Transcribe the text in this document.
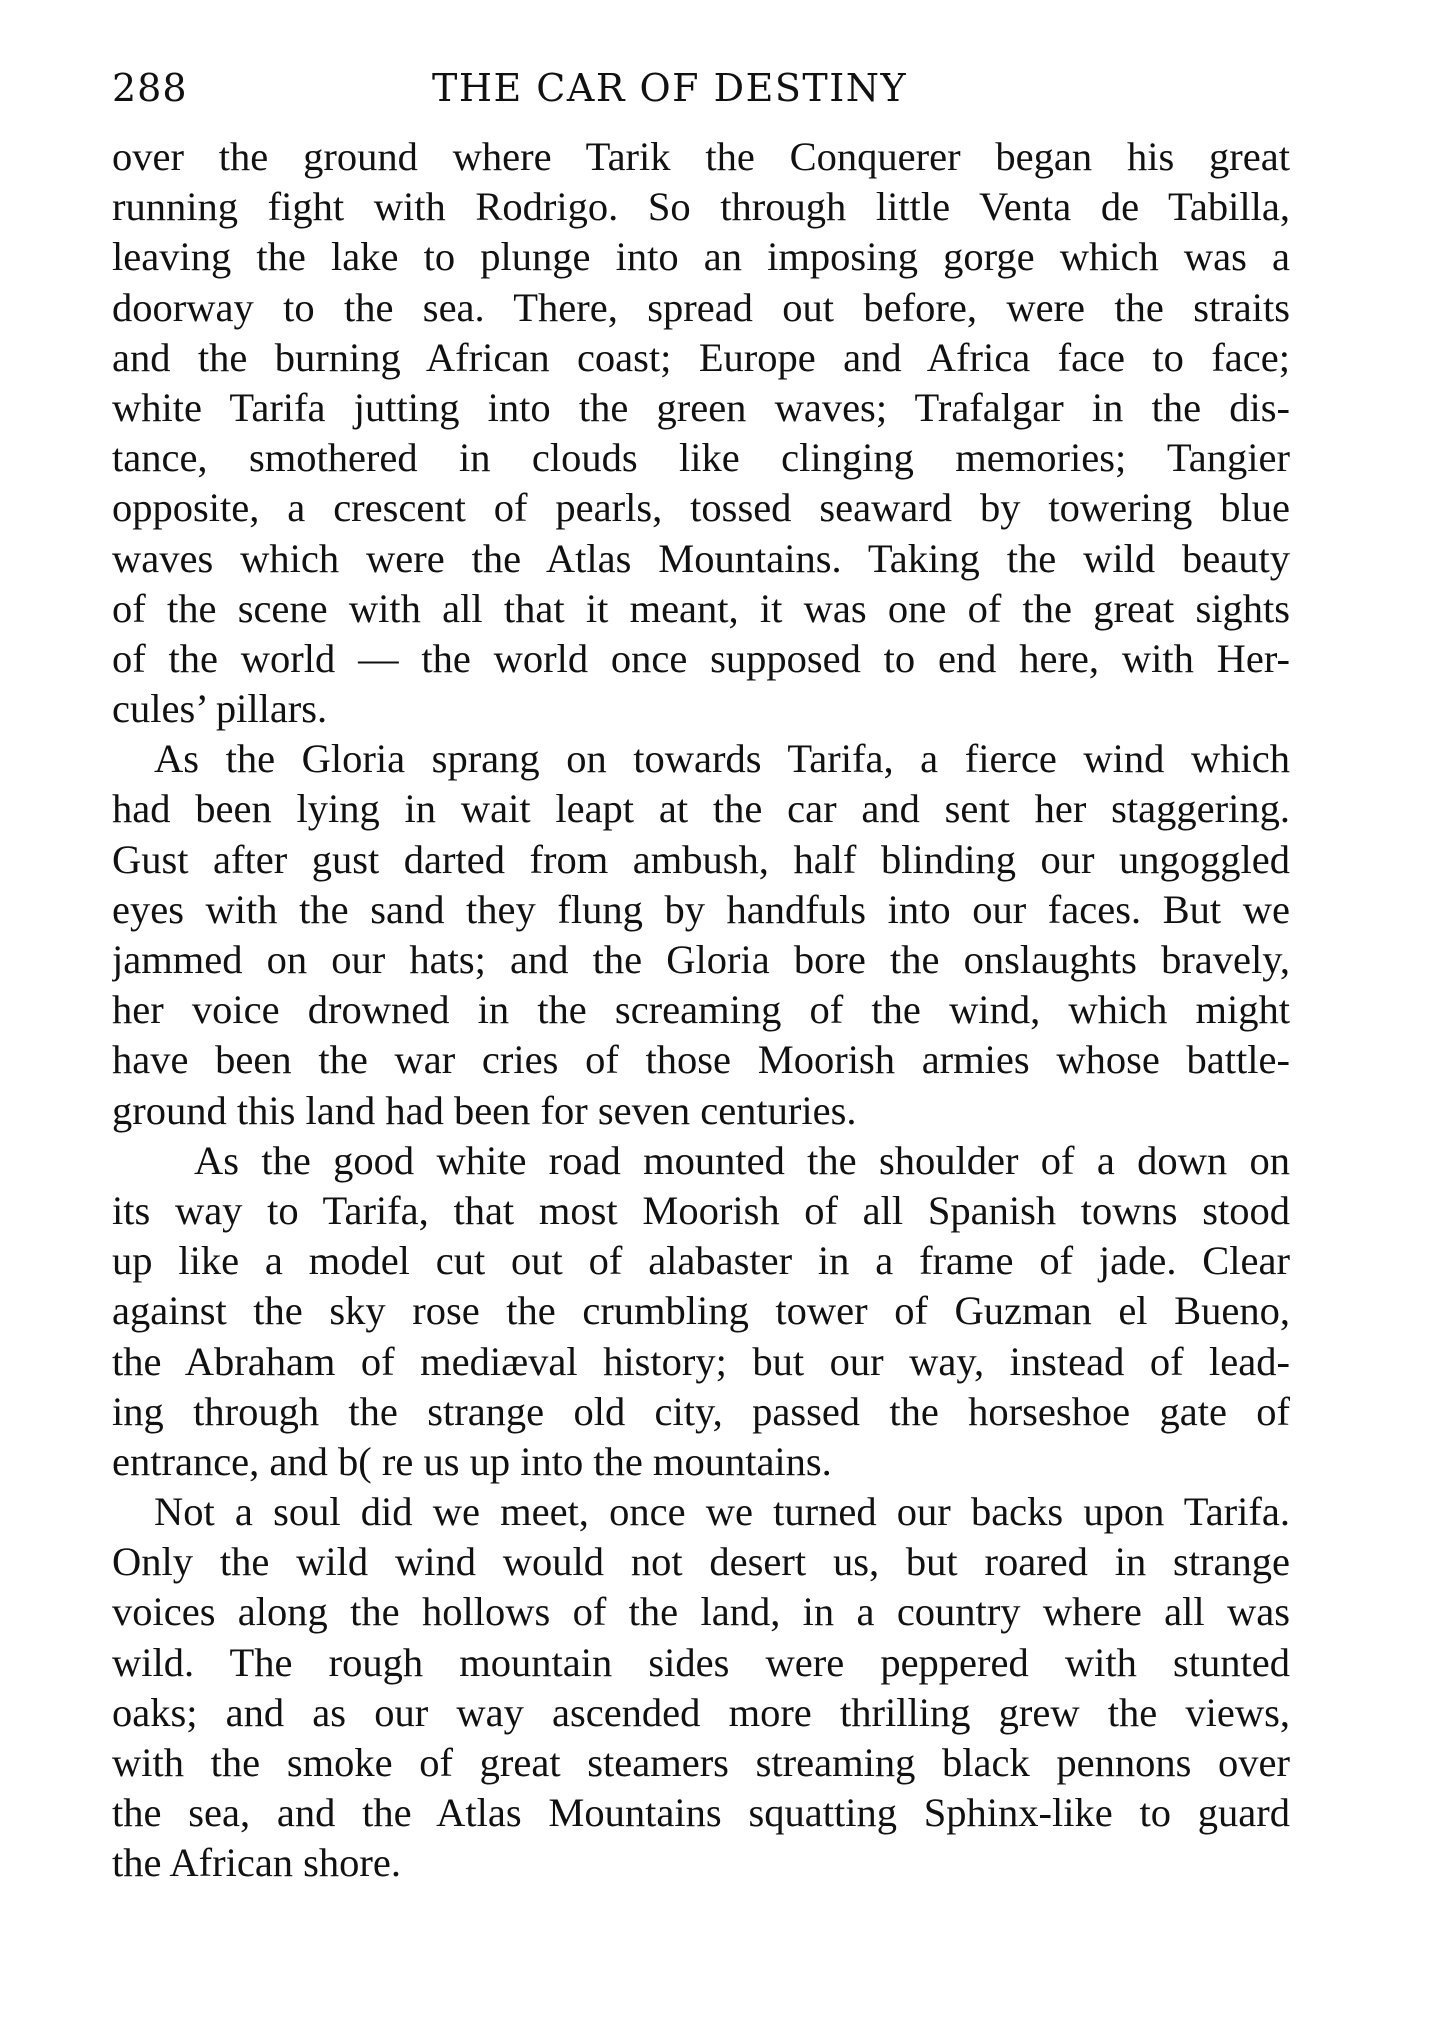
288	THE CAR OF DESTINY
over the ground where Tarik the Conquerer began his great
running fight with Rodrigo. So through little Venta de Tabilla,
leaving the lake to plunge into an imposing gorge which was a
doorway to the sea. There, spread out before, were the straits
and the burning African coast; Europe and Africa face to face;
white Tarifa jutting into the green waves; Trafalgar in the dis-
tance, smothered in clouds like clinging memories; Tangier
opposite, a crescent of pearls, tossed seaward by towering blue
waves which were the Atlas Mountains. Taking the wild beauty
of the scene with all that it meant, it was one of the great sights
of the world — the world once supposed to end here, with Her-
cules’ pillars.
As the Gloria sprang on towards Tarifa, a fierce wind which
had been lying in wait leapt at the car and sent her staggering.
Gust after gust darted from ambush, half blinding our ungoggled
eyes with the sand they flung by handfuls into our faces. But we
jammed on our hats; and the Gloria bore the onslaughts bravely,
her voice drowned in the screaming of the wind, which might
have been the war cries of those Moorish armies whose battle-
ground this land had been for seven centuries.
As the good white road mounted the shoulder of a down on
its way to Tarifa, that most Moorish of all Spanish towns stood
up like a model cut out of alabaster in a frame of jade. Clear
against the sky rose the crumbling tower of Guzman el Bueno,
the Abraham of mediæval history; but our way, instead of lead-
ing through the strange old city, passed the horseshoe gate of
entrance, and b( re us up into the mountains.
Not a soul did we meet, once we turned our backs upon Tarifa.
Only the wild wind would not desert us, but roared in strange
voices along the hollows of the land, in a country where all was
wild. The rough mountain sides were peppered with stunted
oaks; and as our way ascended more thrilling grew the views,
with the smoke of great steamers streaming black pennons over
the sea, and the Atlas Mountains squatting Sphinx-like to guard
the African shore.
